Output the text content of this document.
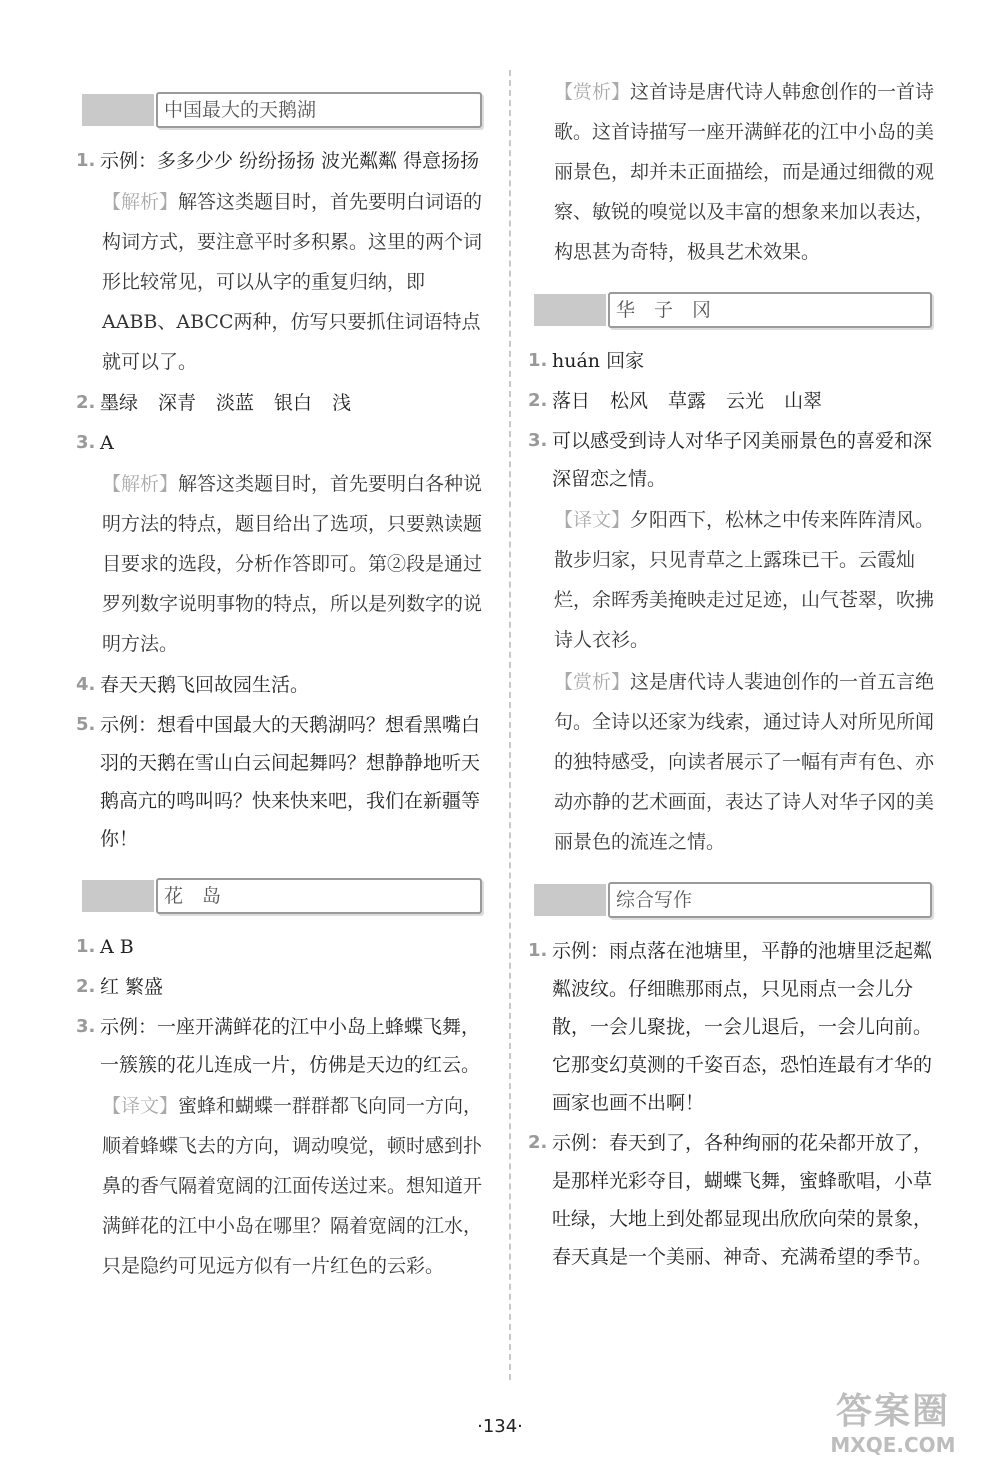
中国最大的天鹅湖
1. 示例：多多少少 纷纷扬扬 波光粼粼 得意扬扬
【解析】解答这类题目时，首先要明白词语的构词方式，要注意平时多积累。这里的两个词形比较常见，可以从字的重复归纳，即AABB、ABCC两种，仿写只要抓住词语特点就可以了。
2. 墨绿 深青 淡蓝 银白 浅
3. A
【解析】解答这类题目时，首先要明白各种说明方法的特点，题目给出了选项，只要熟读题目要求的选段，分析作答即可。第②段是通过罗列数字说明事物的特点，所以是列数字的说明方法。
4. 春天天鹅飞回故园生活。
5. 示例：想看中国最大的天鹅湖吗？想看黑嘴白羽的天鹅在雪山白云间起舞吗？想静静地听天鹅高亢的鸣叫吗？快来快来吧，我们在新疆等你！
花　岛
1. A B
2. 红 繁盛
3. 示例：一座开满鲜花的江中小岛上蜂蝶飞舞，一簇簇的花儿连成一片，仿佛是天边的红云。
【译文】蜜蜂和蝴蝶一群群都飞向同一方向，顺着蜂蝶飞去的方向，调动嗅觉，顿时感到扑鼻的香气隔着宽阔的江面传送过来。想知道开满鲜花的江中小岛在哪里？隔着宽阔的江水，只是隐约可见远方似有一片红色的云彩。
【赏析】这首诗是唐代诗人韩愈创作的一首诗歌。这首诗描写一座开满鲜花的江中小岛的美丽景色，却并未正面描绘，而是通过细微的观察、敏锐的嗅觉以及丰富的想象来加以表达，构思甚为奇特，极具艺术效果。
华　子　冈
1. huán 回家
2. 落日 松风 草露 云光 山翠
3. 可以感受到诗人对华子冈美丽景色的喜爱和深深留恋之情。
【译文】夕阳西下，松林之中传来阵阵清风。散步归家，只见青草之上露珠已干。云霞灿烂，余晖秀美掩映走过足迹，山气苍翠，吹拂诗人衣衫。
【赏析】这是唐代诗人裴迪创作的一首五言绝句。全诗以还家为线索，通过诗人对所见所闻的独特感受，向读者展示了一幅有声有色、亦动亦静的艺术画面，表达了诗人对华子冈的美丽景色的流连之情。
综合写作
1. 示例：雨点落在池塘里，平静的池塘里泛起粼粼波纹。仔细瞧那雨点，只见雨点一会儿分散，一会儿聚拢，一会儿退后，一会儿向前。它那变幻莫测的千姿百态，恐怕连最有才华的画家也画不出啊！
2. 示例：春天到了，各种绚丽的花朵都开放了，是那样光彩夺目，蝴蝶飞舞，蜜蜂歌唱，小草吐绿，大地上到处都显现出欣欣向荣的景象，春天真是一个美丽、神奇、充满希望的季节。
·134·	答案圈
MXQE.COM
